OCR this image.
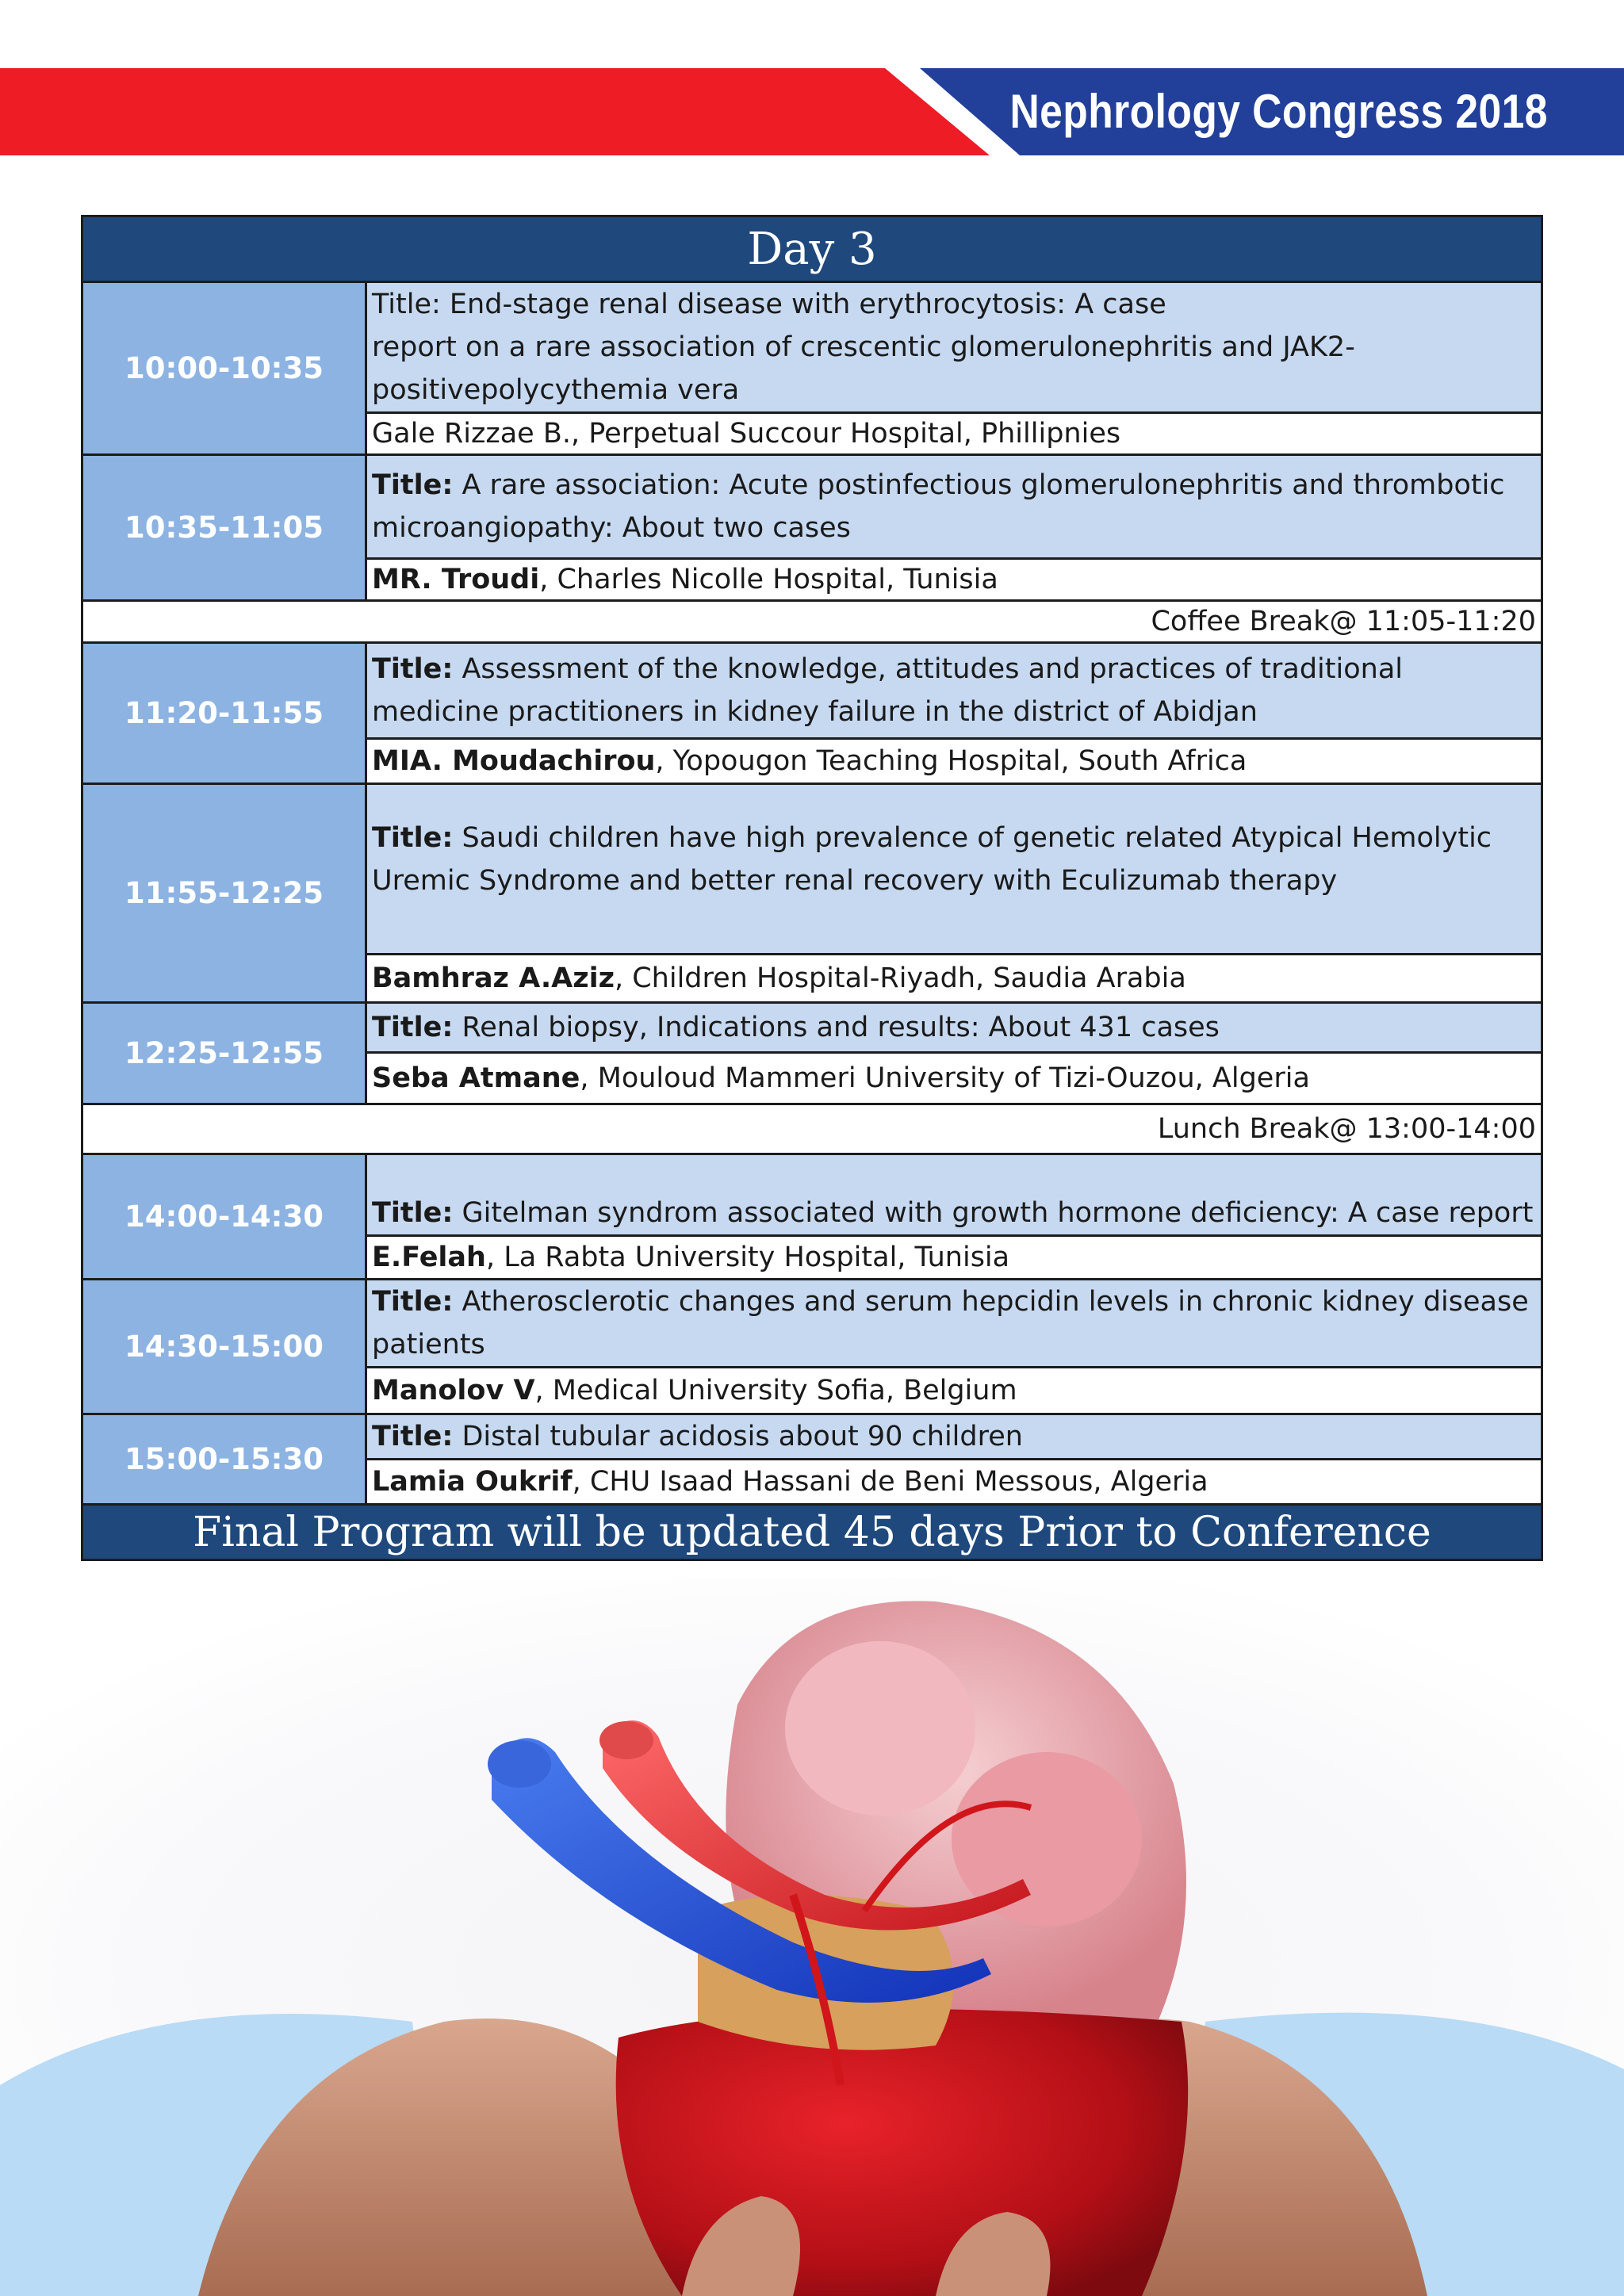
Nephrology Congress 2018
Day 3	
10:00-10:35	Title: End-stage renal disease with erythrocytosis: A case
report on a rare association of crescentic glomerulonephritis and JAK2-
positivepolycythemia vera

	Gale Rizzae B., Perpetual Succour Hospital, Phillipnies
10:35-11:05	Title: A rare association: Acute postinfectious glomerulonephritis and thrombotic microangiopathy: About two cases
	MR. Troudi, Charles Nicolle Hospital, Tunisia
Coffee Break@ 11:05-11:20	
11:20-11:55	Title: Assessment of the knowledge, attitudes and practices of traditional medicine practitioners in kidney failure in the district of Abidjan
	MIA. Moudachirou, Yopougon Teaching Hospital, South Africa
11:55-12:25	Title: Saudi children have high prevalence of genetic related Atypical Hemolytic Uremic Syndrome and better renal recovery with Eculizumab therapy
	Bamhraz A.Aziz, Children Hospital-Riyadh, Saudia Arabia
12:25-12:55	Title: Renal biopsy, Indications and results: About 431 cases
	Seba Atmane, Mouloud Mammeri University of Tizi-Ouzou, Algeria
Lunch Break@ 13:00-14:00	
14:00-14:30	Title: Gitelman syndrom associated with growth hormone deficiency: A case report
	E.Felah, La Rabta University Hospital, Tunisia
14:30-15:00	Title: Atherosclerotic changes and serum hepcidin levels in chronic kidney disease patients
	Manolov V, Medical University Sofia, Belgium
15:00-15:30	Title: Distal tubular acidosis about 90 children
	Lamia Oukrif, CHU Isaad Hassani de Beni Messous, Algeria
Final Program will be updated 45 days Prior to Conference	
